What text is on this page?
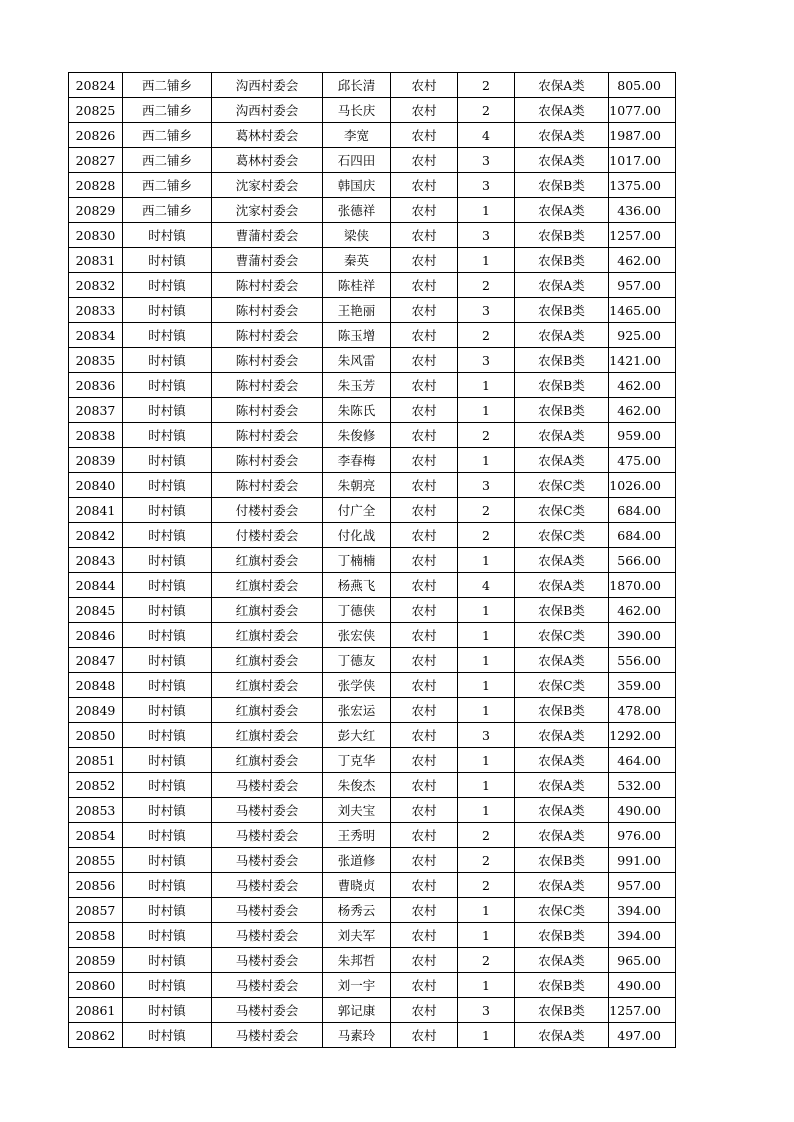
20824	西二铺乡	沟西村委会	邱长清	农村	2	农保A类	805.00
20825	西二铺乡	沟西村委会	马长庆	农村	2	农保A类	1077.00
20826	西二铺乡	葛林村委会	李宽	农村	4	农保A类	1987.00
20827	西二铺乡	葛林村委会	石四田	农村	3	农保A类	1017.00
20828	西二铺乡	沈家村委会	韩国庆	农村	3	农保B类	1375.00
20829	西二铺乡	沈家村委会	张德祥	农村	1	农保A类	436.00
20830	时村镇	曹蒲村委会	梁侠	农村	3	农保B类	1257.00
20831	时村镇	曹蒲村委会	秦英	农村	1	农保B类	462.00
20832	时村镇	陈村村委会	陈桂祥	农村	2	农保A类	957.00
20833	时村镇	陈村村委会	王艳丽	农村	3	农保B类	1465.00
20834	时村镇	陈村村委会	陈玉增	农村	2	农保A类	925.00
20835	时村镇	陈村村委会	朱风雷	农村	3	农保B类	1421.00
20836	时村镇	陈村村委会	朱玉芳	农村	1	农保B类	462.00
20837	时村镇	陈村村委会	朱陈氏	农村	1	农保B类	462.00
20838	时村镇	陈村村委会	朱俊修	农村	2	农保A类	959.00
20839	时村镇	陈村村委会	李春梅	农村	1	农保A类	475.00
20840	时村镇	陈村村委会	朱朝亮	农村	3	农保C类	1026.00
20841	时村镇	付楼村委会	付广全	农村	2	农保C类	684.00
20842	时村镇	付楼村委会	付化战	农村	2	农保C类	684.00
20843	时村镇	红旗村委会	丁楠楠	农村	1	农保A类	566.00
20844	时村镇	红旗村委会	杨燕飞	农村	4	农保A类	1870.00
20845	时村镇	红旗村委会	丁德侠	农村	1	农保B类	462.00
20846	时村镇	红旗村委会	张宏侠	农村	1	农保C类	390.00
20847	时村镇	红旗村委会	丁德友	农村	1	农保A类	556.00
20848	时村镇	红旗村委会	张学侠	农村	1	农保C类	359.00
20849	时村镇	红旗村委会	张宏运	农村	1	农保B类	478.00
20850	时村镇	红旗村委会	彭大红	农村	3	农保A类	1292.00
20851	时村镇	红旗村委会	丁克华	农村	1	农保A类	464.00
20852	时村镇	马楼村委会	朱俊杰	农村	1	农保A类	532.00
20853	时村镇	马楼村委会	刘夫宝	农村	1	农保A类	490.00
20854	时村镇	马楼村委会	王秀明	农村	2	农保A类	976.00
20855	时村镇	马楼村委会	张道修	农村	2	农保B类	991.00
20856	时村镇	马楼村委会	曹晓贞	农村	2	农保A类	957.00
20857	时村镇	马楼村委会	杨秀云	农村	1	农保C类	394.00
20858	时村镇	马楼村委会	刘夫军	农村	1	农保B类	394.00
20859	时村镇	马楼村委会	朱邦哲	农村	2	农保A类	965.00
20860	时村镇	马楼村委会	刘一宇	农村	1	农保B类	490.00
20861	时村镇	马楼村委会	郭记康	农村	3	农保B类	1257.00
20862	时村镇	马楼村委会	马素玲	农村	1	农保A类	497.00
